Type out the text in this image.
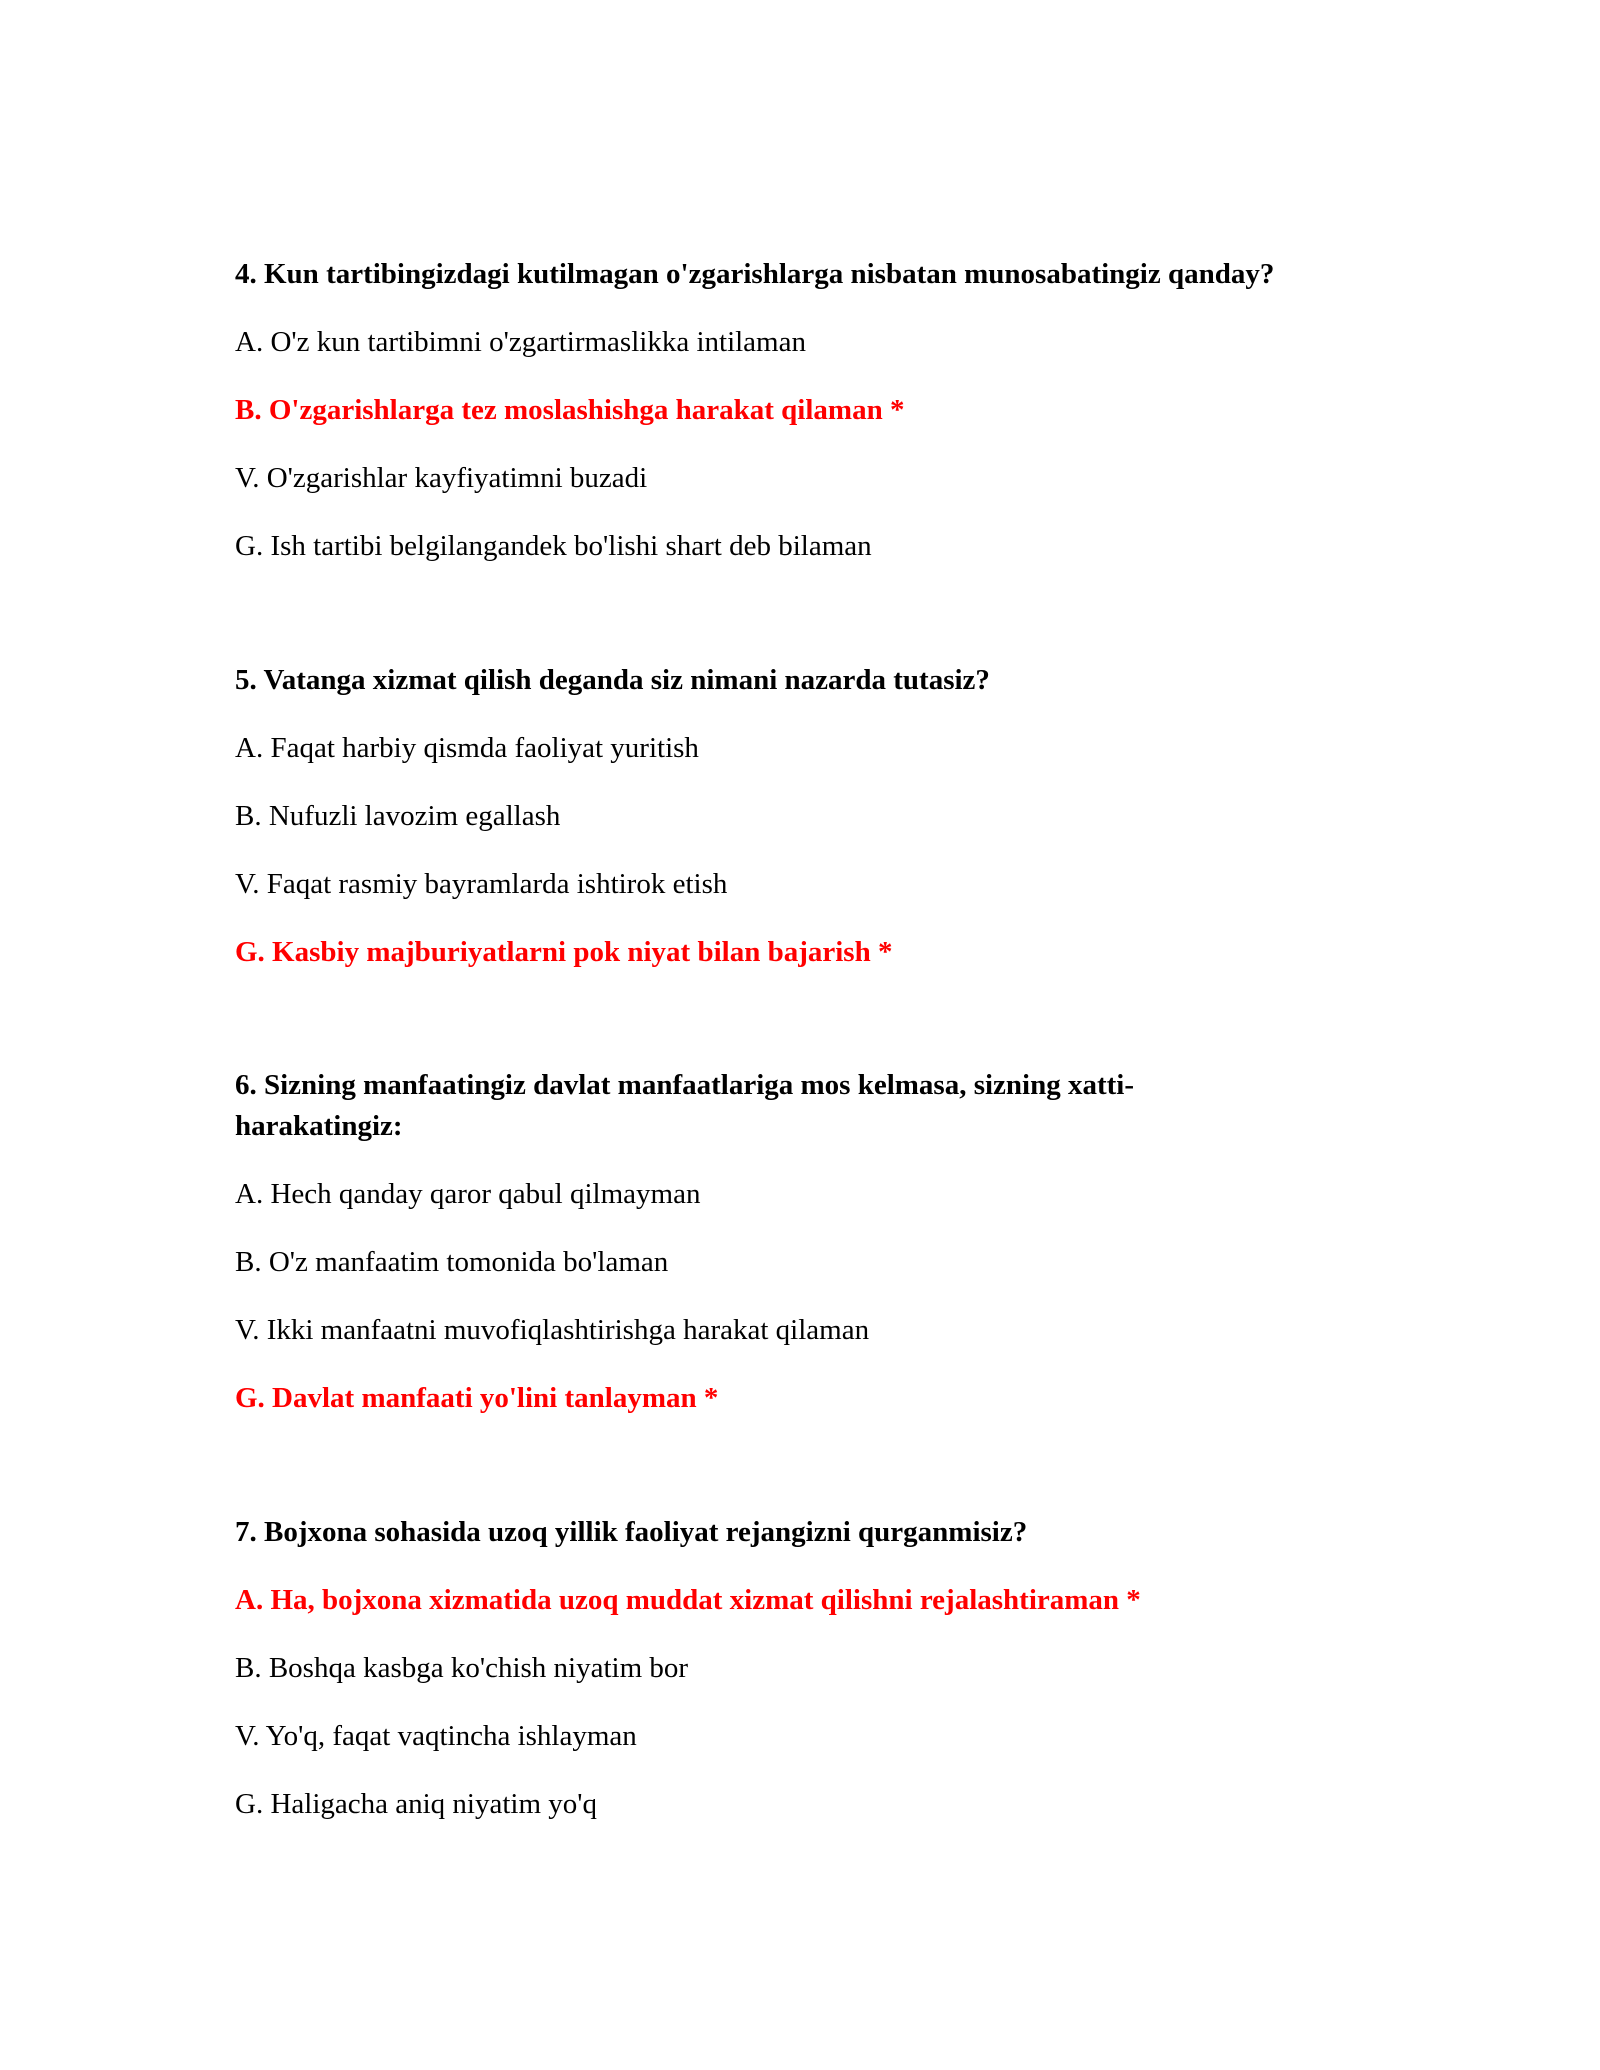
4. Kun tartibingizdagi kutilmagan o'zgarishlarga nisbatan munosabatingiz qanday?

A. O'z kun tartibimni o'zgartirmaslikka intilaman

B. O'zgarishlarga tez moslashishga harakat qilaman *

V. O'zgarishlar kayfiyatimni buzadi

G. Ish tartibi belgilangandek bo'lishi shart deb bilaman

5. Vatanga xizmat qilish deganda siz nimani nazarda tutasiz?

A. Faqat harbiy qismda faoliyat yuritish

B. Nufuzli lavozim egallash

V. Faqat rasmiy bayramlarda ishtirok etish

G. Kasbiy majburiyatlarni pok niyat bilan bajarish *

6. Sizning manfaatingiz davlat manfaatlariga mos kelmasa, sizning xatti-harakatingiz:

A. Hech qanday qaror qabul qilmayman

B. O'z manfaatim tomonida bo'laman

V. Ikki manfaatni muvofiqlashtirishga harakat qilaman

G. Davlat manfaati yo'lini tanlayman *

7. Bojxona sohasida uzoq yillik faoliyat rejangizni qurganmisiz?

A. Ha, bojxona xizmatida uzoq muddat xizmat qilishni rejalashtiraman *

B. Boshqa kasbga ko'chish niyatim bor

V. Yo'q, faqat vaqtincha ishlayman

G. Haligacha aniq niyatim yo'q
